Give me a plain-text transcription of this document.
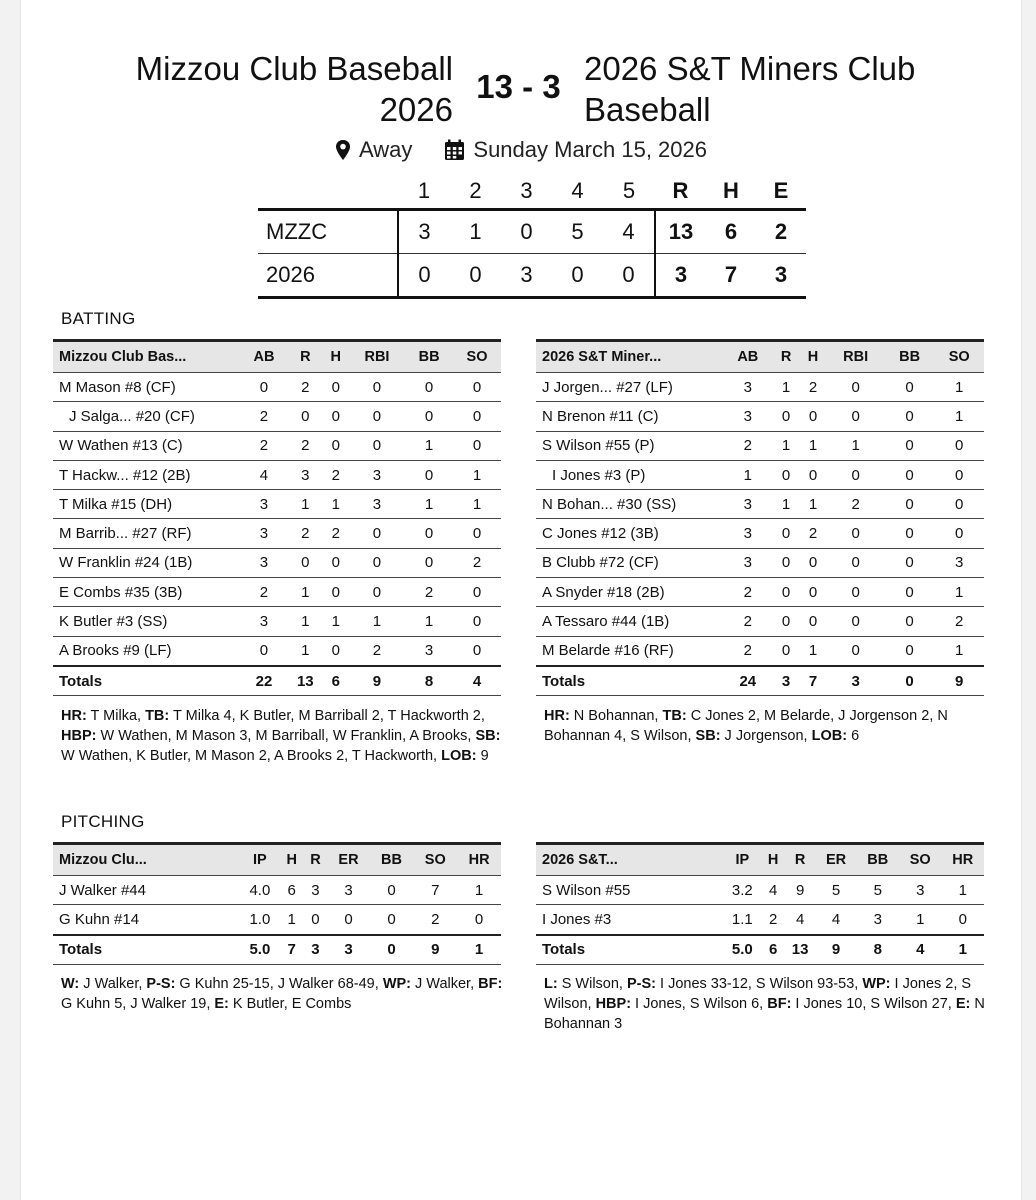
Mizzou Club Baseball 2026
13 - 3 2026 S&T Miners Club Baseball
Away	Sunday March 15, 2026
	1	2	3	4	5	R	H	E
MZZC	3	1	0	5	4	13	6	2
2026	0	0	3	0	0	3	7	3
BATTING
Mizzou Club Bas...	AB	R	H	RBI	BB	SO
M Mason #8 (CF)	0	2	0	0	0	0
J Salga... #20 (CF)	2	0	0	0	0	0
W Wathen #13 (C)	2	2	0	0	1	0
T Hackw... #12 (2B)	4	3	2	3	0	1
T Milka #15 (DH)	3	1	1	3	1	1
M Barrib... #27 (RF)	3	2	2	0	0	0
W Franklin #24 (1B)	3	0	0	0	0	2
E Combs #35 (3B)	2	1	0	0	2	0
K Butler #3 (SS)	3	1	1	1	1	0
A Brooks #9 (LF)	0	1	0	2	3	0
Totals	22	13	6	9	8	4
2026 S&T Miner...	AB	R	H	RBI	BB	SO
J Jorgen... #27 (LF)	3	1	2	0	0	1
N Brenon #11 (C)	3	0	0	0	0	1
S Wilson #55 (P)	2	1	1	1	0	0
I Jones #3 (P)	1	0	0	0	0	0
N Bohan... #30 (SS)	3	1	1	2	0	0
C Jones #12 (3B)	3	0	2	0	0	0
B Clubb #72 (CF)	3	0	0	0	0	3
A Snyder #18 (2B)	2	0	0	0	0	1
A Tessaro #44 (1B)	2	0	0	0	0	2
M Belarde #16 (RF)	2	0	1	0	0	1
Totals	24	3	7	3	0	9
HR: T Milka, TB: T Milka 4, K Butler, M Barriball 2, T Hackworth 2, HBP: W Wathen, M Mason 3, M Barriball, W Franklin, A Brooks, SB: W Wathen, K Butler, M Mason 2, A Brooks 2, T Hackworth, LOB: 9
HR: N Bohannan, TB: C Jones 2, M Belarde, J Jorgenson 2, N Bohannan 4, S Wilson, SB: J Jorgenson, LOB: 6
PITCHING
Mizzou Clu...	IP	H	R	ER	BB	SO	HR
J Walker #44	4.0	6	3	3	0	7	1
G Kuhn #14	1.0	1	0	0	0	2	0
Totals	5.0	7	3	3	0	9	1
2026 S&T...	IP	H	R	ER	BB	SO	HR
S Wilson #55	3.2	4	9	5	5	3	1
I Jones #3	1.1	2	4	4	3	1	0
Totals	5.0	6	13	9	8	4	1
W: J Walker, P-S: G Kuhn 25-15, J Walker 68-49, WP: J Walker, BF: G Kuhn 5, J Walker 19, E: K Butler, E Combs
L: S Wilson, P-S: I Jones 33-12, S Wilson 93-53, WP: I Jones 2, S Wilson, HBP: I Jones, S Wilson 6, BF: I Jones 10, S Wilson 27, E: N Bohannan 3
